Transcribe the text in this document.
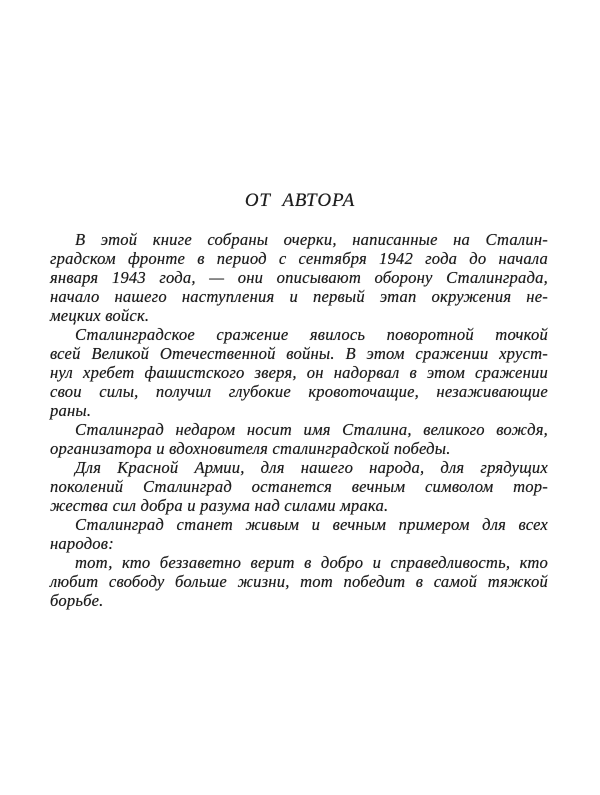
ОТ АВТОРА
В этой книге собраны очерки, написанные на Сталин-
градском фронте в период с сентября 1942 года до начала
января 1943 года, — они описывают оборону Сталинграда,
начало нашего наступления и первый этап окружения не-
мецких войск.
Сталинградское сражение явилось поворотной точкой
всей Великой Отечественной войны. В этом сражении хруст-
нул хребет фашистского зверя, он надорвал в этом сражении
свои силы, получил глубокие кровоточащие, незаживающие
раны.
Сталинград недаром носит имя Сталина, великого вождя,
организатора и вдохновителя сталинградской победы.
Для Красной Армии, для нашего народа, для грядущих
поколений Сталинград останется вечным символом тор-
жества сил добра и разума над силами мрака.
Сталинград станет живым и вечным примером для всех
народов:
тот, кто беззаветно верит в добро и справедливость, кто
любит свободу больше жизни, тот победит в самой тяжкой
борьбе.
